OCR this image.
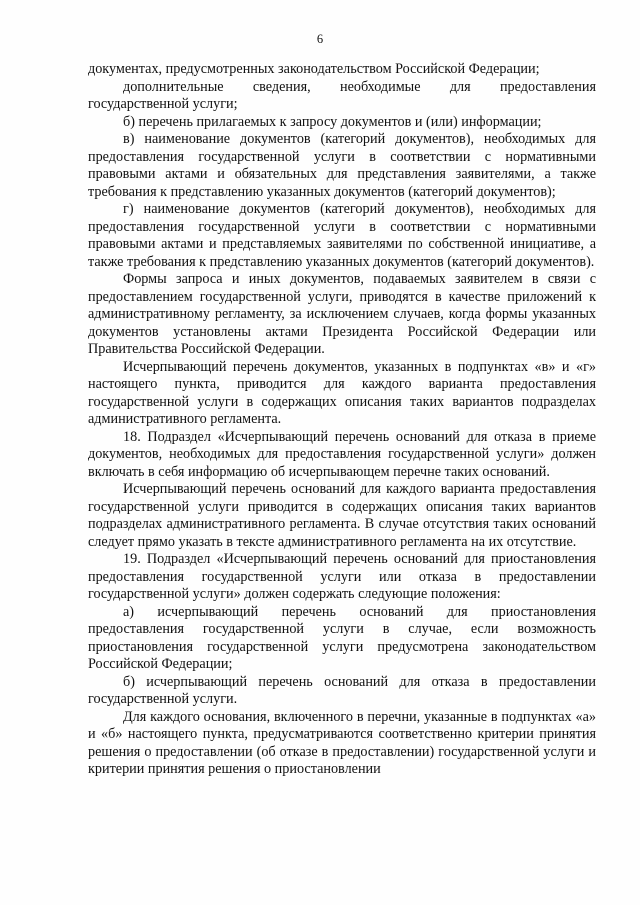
6

документах, предусмотренных законодательством Российской Федерации;

дополнительные сведения, необходимые для предоставления государственной услуги;

б) перечень прилагаемых к запросу документов и (или) информации;

в) наименование документов (категорий документов), необходимых для предоставления государственной услуги в соответствии с нормативными правовыми актами и обязательных для представления заявителями, а также требования к представлению указанных документов (категорий документов);

г) наименование документов (категорий документов), необходимых для предоставления государственной услуги в соответствии с нормативными правовыми актами и представляемых заявителями по собственной инициативе, а также требования к представлению указанных документов (категорий документов).

Формы запроса и иных документов, подаваемых заявителем в связи с предоставлением государственной услуги, приводятся в качестве приложений к административному регламенту, за исключением случаев, когда формы указанных документов установлены актами Президента Российской Федерации или Правительства Российской Федерации.

Исчерпывающий перечень документов, указанных в подпунктах «в» и «г» настоящего пункта, приводится для каждого варианта предоставления государственной услуги в содержащих описания таких вариантов подразделах административного регламента.

18. Подраздел «Исчерпывающий перечень оснований для отказа в приеме документов, необходимых для предоставления государственной услуги» должен включать в себя информацию об исчерпывающем перечне таких оснований.

Исчерпывающий перечень оснований для каждого варианта предоставления государственной услуги приводится в содержащих описания таких вариантов подразделах административного регламента. В случае отсутствия таких оснований следует прямо указать в тексте административного регламента на их отсутствие.

19. Подраздел «Исчерпывающий перечень оснований для приостановления предоставления государственной услуги или отказа в предоставлении государственной услуги» должен содержать следующие положения:

а) исчерпывающий перечень оснований для приостановления предоставления государственной услуги в случае, если возможность приостановления государственной услуги предусмотрена законодательством Российской Федерации;

б) исчерпывающий перечень оснований для отказа в предоставлении государственной услуги.

Для каждого основания, включенного в перечни, указанные в подпунктах «а» и «б» настоящего пункта, предусматриваются соответственно критерии принятия решения о предоставлении (об отказе в предоставлении) государственной услуги и критерии принятия решения о приостановлении
